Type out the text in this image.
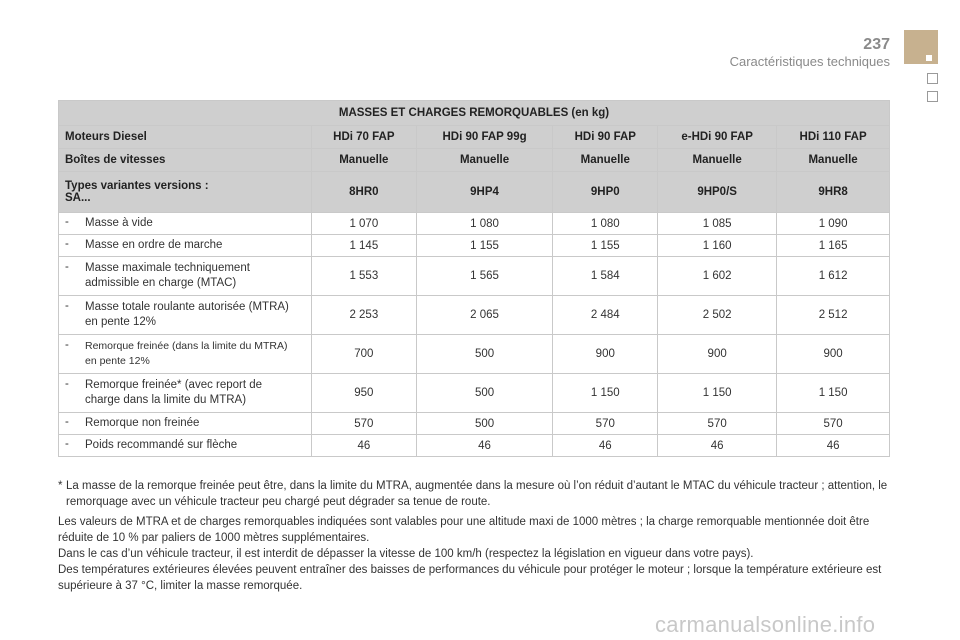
237
Caractéristiques techniques
MASSES ET CHARGES REMORQUABLES (en kg)					
Moteurs Diesel	HDi 70 FAP	HDi 90 FAP 99g	HDi 90 FAP	e-HDi 90 FAP	HDi 110 FAP
Boîtes de vitesses	Manuelle	Manuelle	Manuelle	Manuelle	Manuelle

Types variantes versions :
SA...	8HR0	9HP4	9HP0	9HP0/S	9HR8
- Masse à vide	1 070	1 080	1 080	1 085	1 090
- Masse en ordre de marche	1 145	1 155	1 155	1 160	1 165
- Masse maximale techniquement
admissible en charge (MTAC)	1 553	1 565	1 584	1 602	1 612
- Masse totale roulante autorisée (MTRA)
en pente 12%	2 253	2 065	2 484	2 502	2 512
- Remorque freinée (dans la limite du MTRA)
en pente 12%	700	500	900	900	900
- Remorque freinée* (avec report de
charge dans la limite du MTRA)	950	500	1 150	1 150	1 150
- Remorque non freinée	570	500	570	570	570
- Poids recommandé sur flèche	46	46	46	46	46
* La masse de la remorque freinée peut être, dans la limite du MTRA, augmentée dans la mesure où l’on réduit d’autant le MTAC du véhicule tracteur ; attention, le remorquage avec un véhicule tracteur peu chargé peut dégrader sa tenue de route.

Les valeurs de MTRA et de charges remorquables indiquées sont valables pour une altitude maxi de 1000 mètres ; la charge remorquable mentionnée doit être réduite de 10 % par paliers de 1000 mètres supplémentaires.

Dans le cas d’un véhicule tracteur, il est interdit de dépasser la vitesse de 100 km/h (respectez la législation en vigueur dans votre pays).

Des températures extérieures élevées peuvent entraîner des baisses de performances du véhicule pour protéger le moteur ; lorsque la température extérieure est supérieure à 37 °C, limiter la masse remorquée.

carmanualsonline.info
